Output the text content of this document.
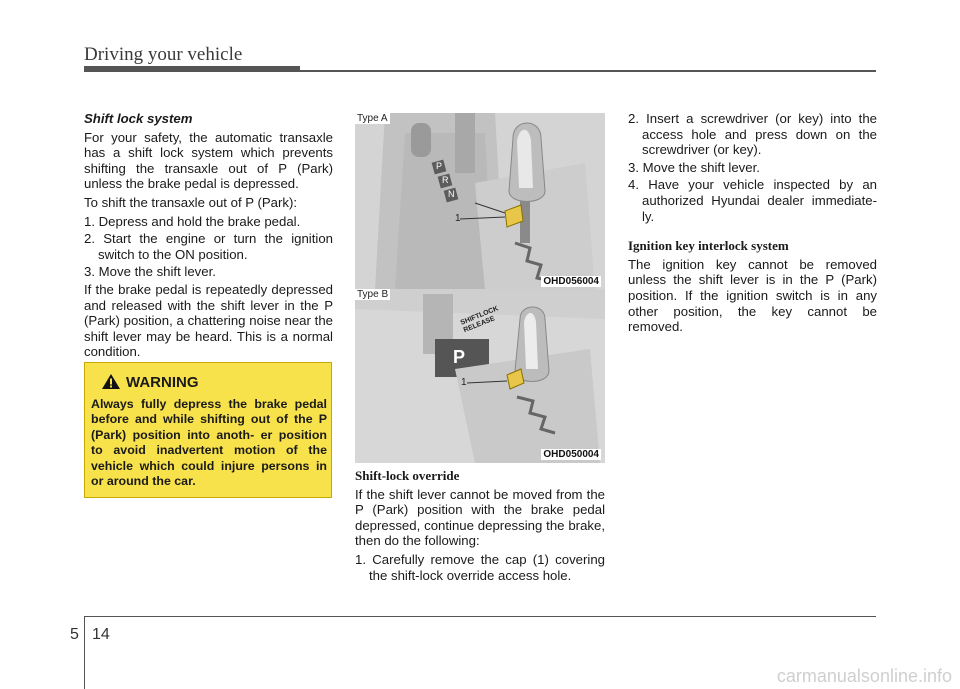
Driving your vehicle
Shift lock system

For your safety, the automatic transaxle has a shift lock system which prevents shifting the transaxle out of P (Park) unless the brake pedal is depressed.

To shift the transaxle out of P (Park):

1. Depress and hold the brake pedal.
2. Start the engine or turn the ignition switch to the ON position.
3. Move the shift lever.

If the brake pedal is repeatedly depressed and released with the shift lever in the P (Park) position, a chattering noise near the shift lever may be heard. This is a normal condition.

WARNING
Always fully depress the brake pedal before and while shifting out of the P (Park) position into anoth- er position to avoid inadvertent motion of the vehicle which could injure persons in or around the car.
Type A
1
P
R
N
OHD056004
Type B
SHIFTLOCK RELEASE
P
1
OHD050004
Shift-lock override

If the shift lever cannot be moved from the P (Park) position with the brake pedal depressed, continue depressing the brake, then do the following:

1. Carefully remove the cap (1) covering the shift-lock override access hole.
2. Insert a screwdriver (or key) into the access hole and press down on the screwdriver (or key).
3. Move the shift lever.
4. Have your vehicle inspected by an authorized Hyundai dealer immediate- ly.
Ignition key interlock system

The ignition key cannot be removed unless the shift lever is in the P (Park) position. If the ignition switch is in any other position, the key cannot be removed.

5 14
carmanualsonline.info
